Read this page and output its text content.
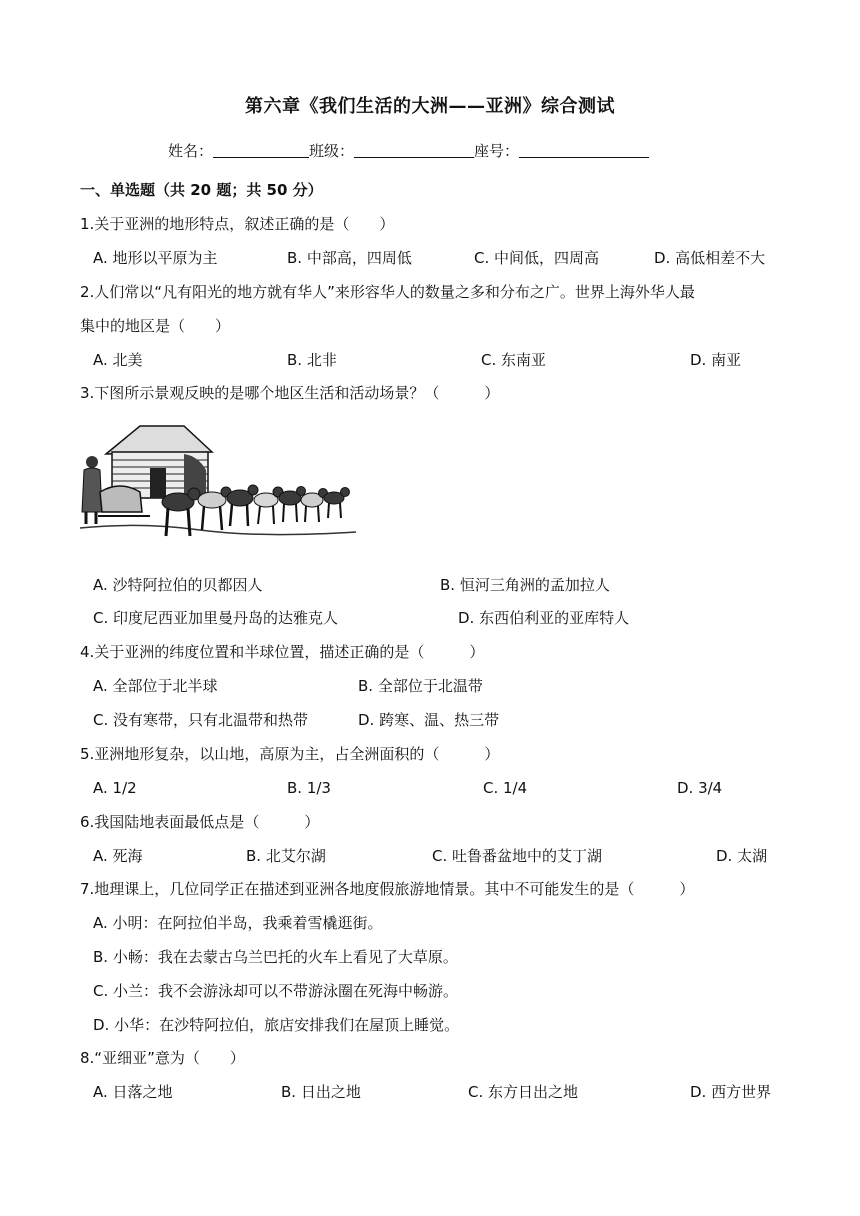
第六章《我们生活的大洲——亚洲》综合测试
姓名：	班级：	座号：
一、单选题（共 20 题；共 50 分）
1.关于亚洲的地形特点，叙述正确的是（　　）
A. 地形以平原为主	B. 中部高，四周低	C. 中间低，四周高	D. 高低相差不大
2.人们常以“凡有阳光的地方就有华人”来形容华人的数量之多和分布之广。世界上海外华人最
集中的地区是（　　）
A. 北美	B. 北非	C. 东南亚	D. 南亚
3.下图所示景观反映的是哪个地区生活和活动场景？（　　　）
A. 沙特阿拉伯的贝都因人	B. 恒河三角洲的孟加拉人
C. 印度尼西亚加里曼丹岛的达雅克人	D. 东西伯利亚的亚库特人
4.关于亚洲的纬度位置和半球位置，描述正确的是（　　　）
A. 全部位于北半球	B. 全部位于北温带
C. 没有寒带，只有北温带和热带	D. 跨寒、温、热三带
5.亚洲地形复杂，以山地，高原为主，占全洲面积的（　　　）
A. 1/2	B. 1/3	C. 1/4	D. 3/4
6.我国陆地表面最低点是（　　　）
A. 死海	B. 北艾尔湖	C. 吐鲁番盆地中的艾丁湖	D. 太湖
7.地理课上，几位同学正在描述到亚洲各地度假旅游地情景。其中不可能发生的是（　　　）
A. 小明：在阿拉伯半岛，我乘着雪橇逛街。
B. 小畅：我在去蒙古乌兰巴托的火车上看见了大草原。
C. 小兰：我不会游泳却可以不带游泳圈在死海中畅游。
D. 小华：在沙特阿拉伯，旅店安排我们在屋顶上睡觉。
8.“亚细亚”意为（　　）
A. 日落之地	B. 日出之地	C. 东方日出之地	D. 西方世界
